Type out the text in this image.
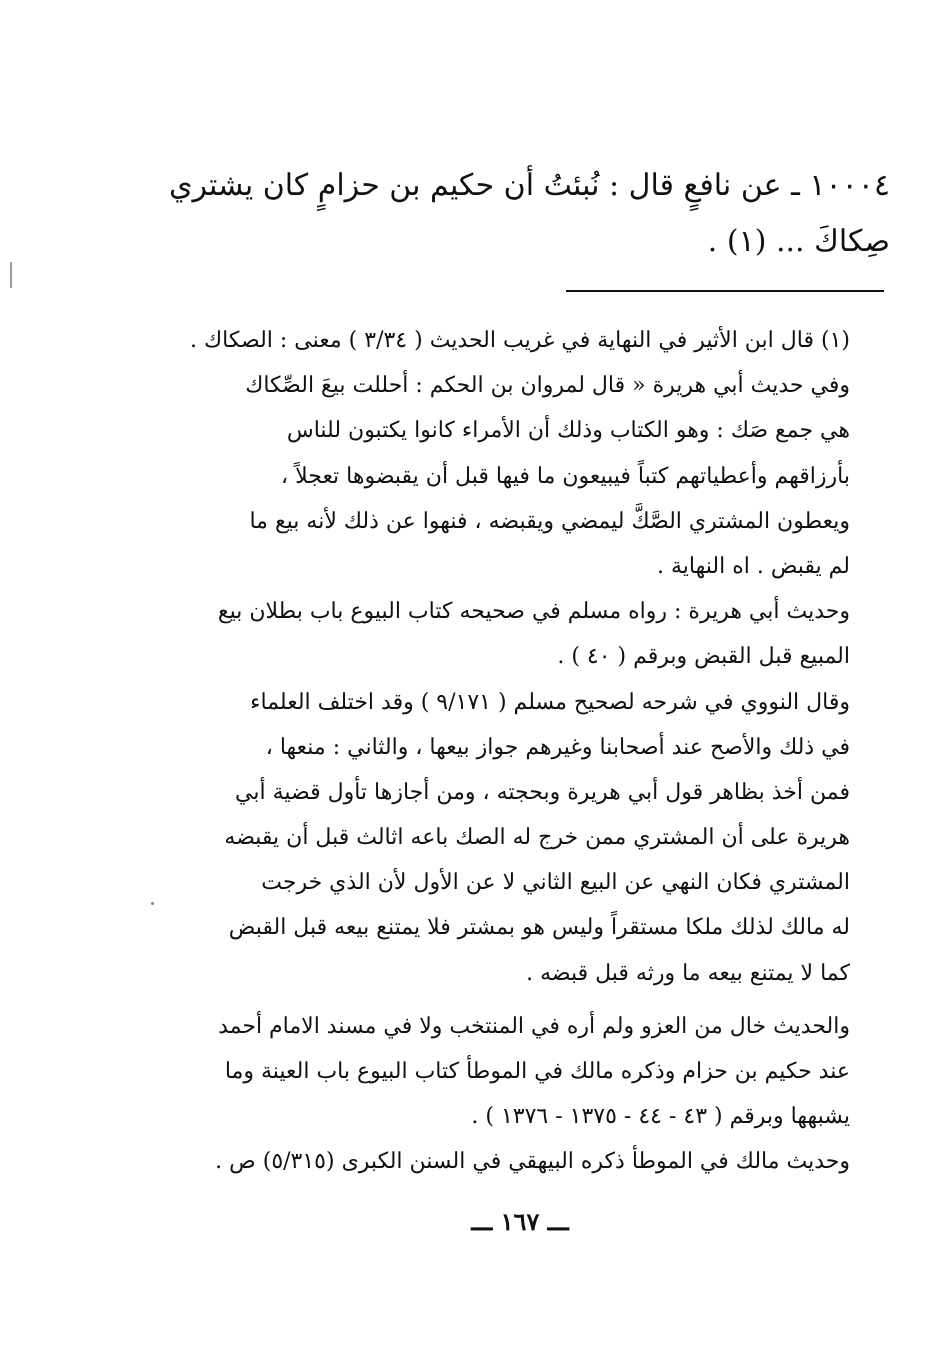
١٠٠٠٤ ـ عن نافعٍ قال : نُبئتُ أن حكيم بن حزامٍ كان يشتري
صِكاكَ ... (١) .
(١) قال ابن الأثير في النهاية في غريب الحديث ( ٣/٣٤ ) معنى : الصكاك .
وفي حديث أبي هريرة « قال لمروان بن الحكم : أحللت بيعَ الصِّكاك
هي جمع صَك : وهو الكتاب وذلك أن الأمراء كانوا يكتبون للناس
بأرزاقهم وأعطياتهم كتباً فيبيعون ما فيها قبل أن يقبضوها تعجلاً ،
ويعطون المشتري الصَّكَّ ليمضي ويقبضه ، فنهوا عن ذلك لأنه بيع ما
لم يقبض . اه النهاية .
وحديث أبي هريرة : رواه مسلم في صحيحه كتاب البيوع باب بطلان بيع
المبيع قبل القبض وبرقم ( ٤٠ ) .
وقال النووي في شرحه لصحيح مسلم ( ٩/١٧١ ) وقد اختلف العلماء
في ذلك والأصح عند أصحابنا وغيرهم جواز بيعها ، والثاني : منعها ،
فمن أخذ بظاهر قول أبي هريرة وبحجته ، ومن أجازها تأول قضية أبي
هريرة على أن المشتري ممن خرج له الصك باعه اثالث قبل أن يقبضه
المشتري فكان النهي عن البيع الثاني لا عن الأول لأن الذي خرجت
له مالك لذلك ملكا مستقراً وليس هو بمشتر فلا يمتنع بيعه قبل القبض
كما لا يمتنع بيعه ما ورثه قبل قبضه .
والحديث خال من العزو ولم أره في المنتخب ولا في مسند الامام أحمد
عند حكيم بن حزام وذكره مالك في الموطأ كتاب البيوع باب العينة وما
يشبهها وبرقم ( ٤٣ - ٤٤ - ١٣٧٥ - ١٣٧٦ ) .
وحديث مالك في الموطأ ذكره البيهقي في السنن الكبرى (٥/٣١٥) ص .
ـــ ١٦٧ ـــ
